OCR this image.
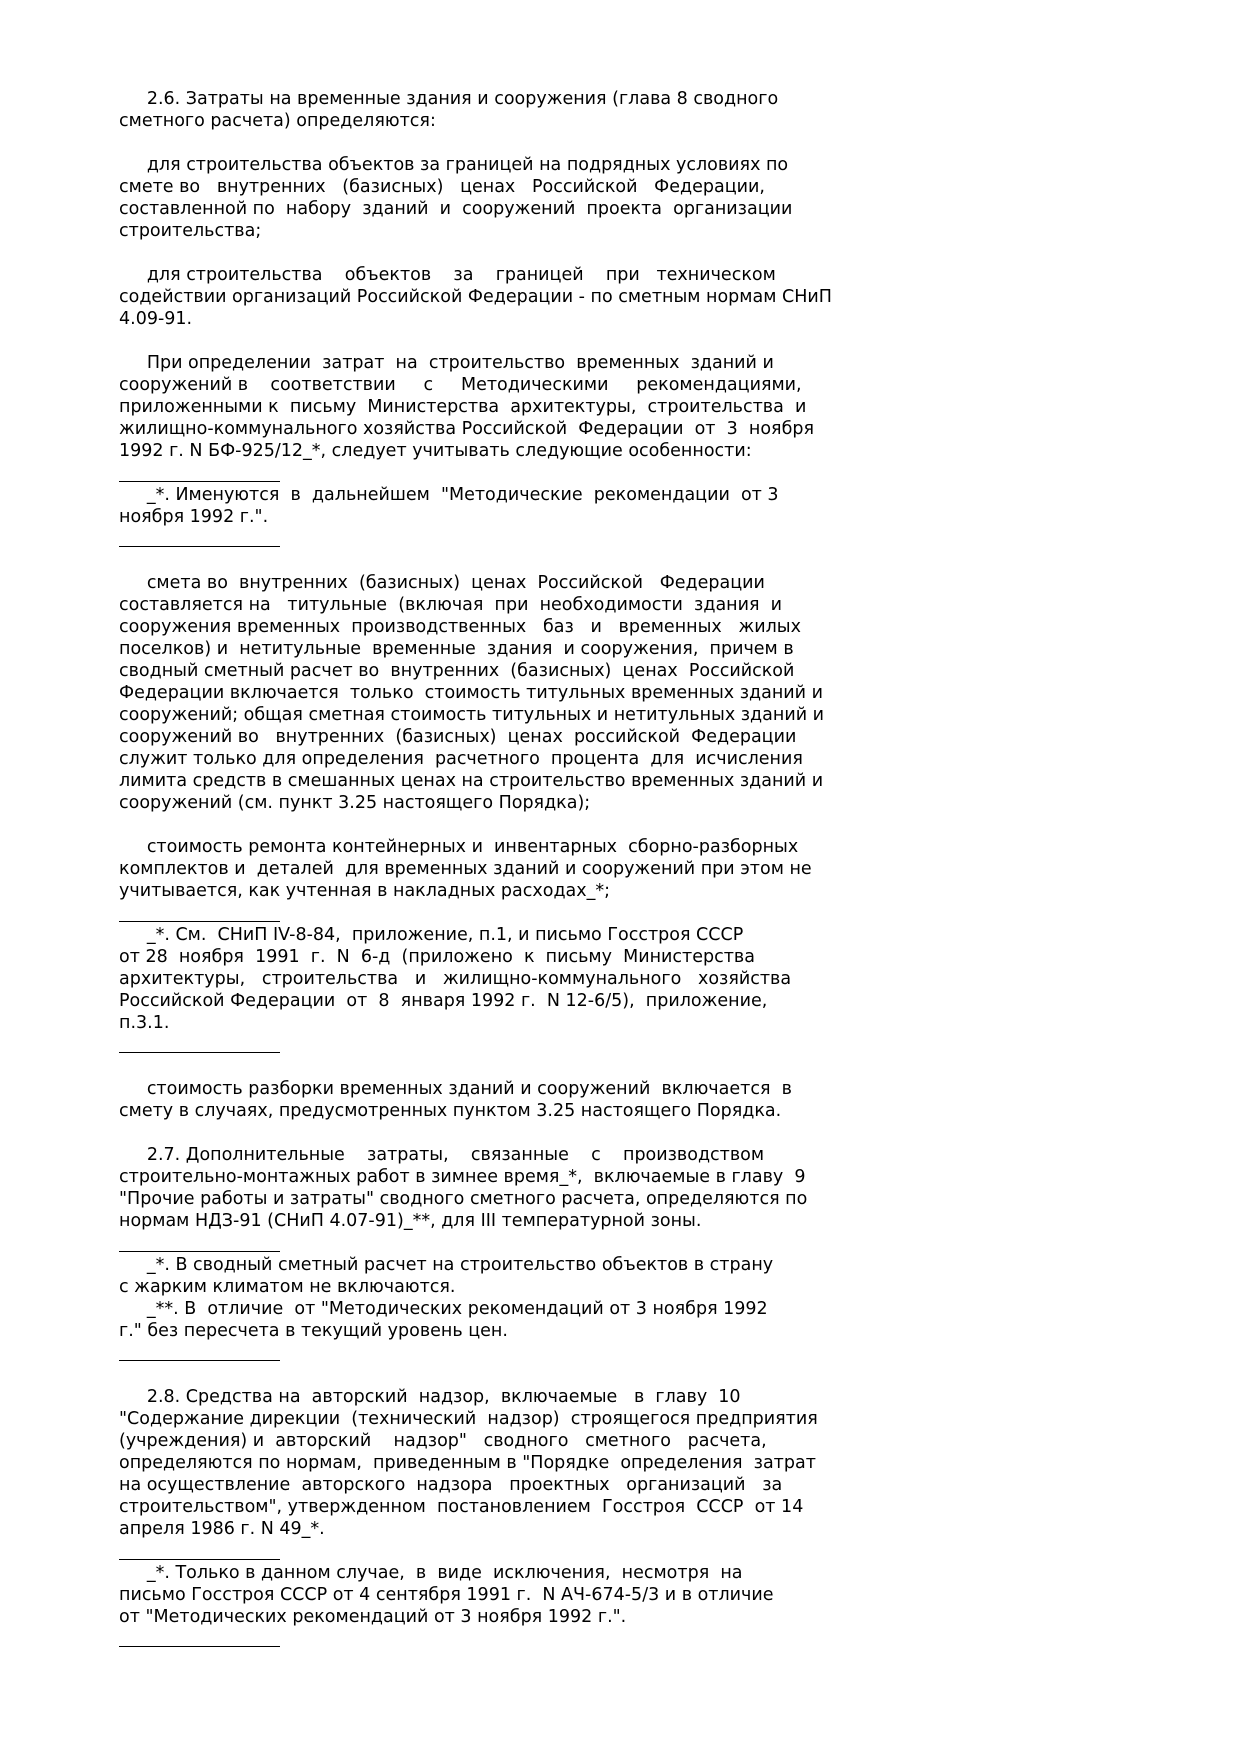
2.6. Затраты на временные здания и сооружения (глава 8 сводного

сметного расчета) определяются:

для строительства объектов за границей на подрядных условиях по

смете во   внутренних   (базисных)   ценах   Российской   Федерации,

составленной по  набору  зданий  и  сооружений  проекта  организации

строительства;

для строительства    объектов    за    границей    при   техническом

содействии организаций Российской Федерации - по сметным нормам СНиП

4.09-91.

При определении  затрат  на  строительство  временных  зданий и

сооружений в    соответствии     с     Методическими     рекомендациями,

приложенными к  письму  Министерства  архитектуры,  строительства  и

жилищно-коммунального хозяйства Российской  Федерации  от  3  ноября

1992 г. N БФ-925/12_*, следует учитывать следующие особенности:

_*. Именуются  в  дальнейшем  "Методические  рекомендации  от 3

ноября 1992 г.".

смета во  внутренних  (базисных)  ценах  Российской   Федерации

составляется на   титульные  (включая  при  необходимости  здания  и

сооружения временных  производственных   баз   и   временных   жилых

поселков) и  нетитульные  временные  здания  и сооружения,  причем в

сводный сметный расчет во  внутренних  (базисных)  ценах  Российской

Федерации включается  только  стоимость титульных временных зданий и

сооружений; общая сметная стоимость титульных и нетитульных зданий и

сооружений во   внутренних  (базисных)  ценах  российской  Федерации

служит только для определения  расчетного  процента  для  исчисления

лимита средств в смешанных ценах на строительство временных зданий и

сооружений (см. пункт 3.25 настоящего Порядка);

стоимость ремонта контейнерных и  инвентарных  сборно-разборных

комплектов и  деталей  для временных зданий и сооружений при этом не

учитывается, как учтенная в накладных расходах_*;

_*. См.  СНиП IV-8-84,  приложение, п.1, и письмо Госстроя СССР

от 28  ноября  1991  г.  N  6-д  (приложено  к  письму  Министерства

архитектуры,   строительства   и   жилищно-коммунального   хозяйства

Российской Федерации  от  8  января 1992 г.  N 12-6/5),  приложение,

п.3.1.

стоимость разборки временных зданий и сооружений  включается  в

смету в случаях, предусмотренных пунктом 3.25 настоящего Порядка.

2.7. Дополнительные    затраты,    связанные    с    производством

строительно-монтажных работ в зимнее время_*,  включаемые в главу  9

"Прочие работы и затраты" сводного сметного расчета, определяются по

нормам НДЗ-91 (СНиП 4.07-91)_**, для III температурной зоны.

_*. В сводный сметный расчет на строительство объектов в страну

с жарким климатом не включаются.

_**. В  отличие  от "Методических рекомендаций от 3 ноября 1992

г." без пересчета в текущий уровень цен.

2.8. Средства на  авторский  надзор,  включаемые   в  главу  10

"Содержание дирекции  (технический  надзор)  строящегося предприятия

(учреждения) и  авторский    надзор"   сводного   сметного   расчета,

определяются по нормам,  приведенным в "Порядке  определения  затрат

на осуществление  авторского  надзора   проектных   организаций   за

строительством", утвержденном  постановлением  Госстроя  СССР  от 14

апреля 1986 г. N 49_*.

_*. Только в данном случае,  в  виде  исключения,  несмотря  на

письмо Госстроя СССР от 4 сентября 1991 г.  N АЧ-674-5/3 и в отличие

от "Методических рекомендаций от 3 ноября 1992 г.".
